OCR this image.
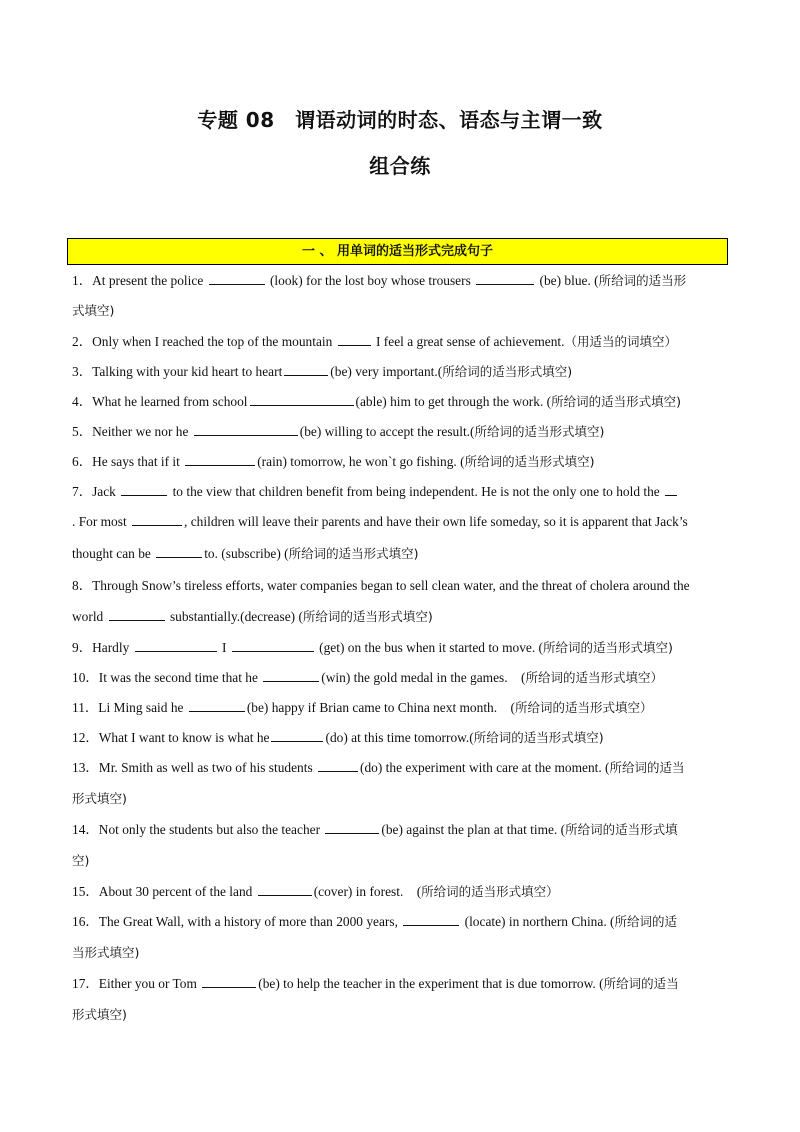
专题 08　谓语动词的时态、语态与主谓一致
组合练
一 、 用单词的适当形式完成句子
1．At present the police	(look) for the lost boy whose trousers	(be) blue. (所给词的适当形
式填空)
2．Only when I reached the top of the mountain	I feel a great sense of achievement.（用适当的词填空）
3．Talking with your kid heart to heart	(be) very important.(所给词的适当形式填空)
4．What he learned from school	(able) him to get through the work. (所给词的适当形式填空)
5．Neither we nor he	(be) willing to accept the result.(所给词的适当形式填空)
6．He says that if it	(rain) tomorrow, he won`t go fishing. (所给词的适当形式填空)
7．Jack	to the view that children benefit from being independent. He is not the only one to hold the
. For most	, children will leave their parents and have their own life someday, so it is apparent that Jack’s
thought can be	to. (subscribe) (所给词的适当形式填空)
8．Through Snow’s tireless efforts, water companies began to sell clean water, and the threat of cholera around the
world	substantially.(decrease) (所给词的适当形式填空)
9．Hardly	I	(get) on the bus when it started to move. (所给词的适当形式填空)
10．It was the second time that he	(win) the gold medal in the games.　(所给词的适当形式填空）
11．Li Ming said he	(be) happy if Brian came to China next month.　(所给词的适当形式填空）
12．What I want to know is what he	(do) at this time tomorrow.(所给词的适当形式填空)
13．Mr. Smith as well as two of his students	(do) the experiment with care at the moment. (所给词的适当
形式填空)
14．Not only the students but also the teacher	(be) against the plan at that time. (所给词的适当形式填
空)
15．About 30 percent of the land	(cover) in forest.　(所给词的适当形式填空）
16．The Great Wall, with a history of more than 2000 years,	(locate) in northern China. (所给词的适
当形式填空)
17．Either you or Tom	(be) to help the teacher in the experiment that is due tomorrow. (所给词的适当
形式填空)
